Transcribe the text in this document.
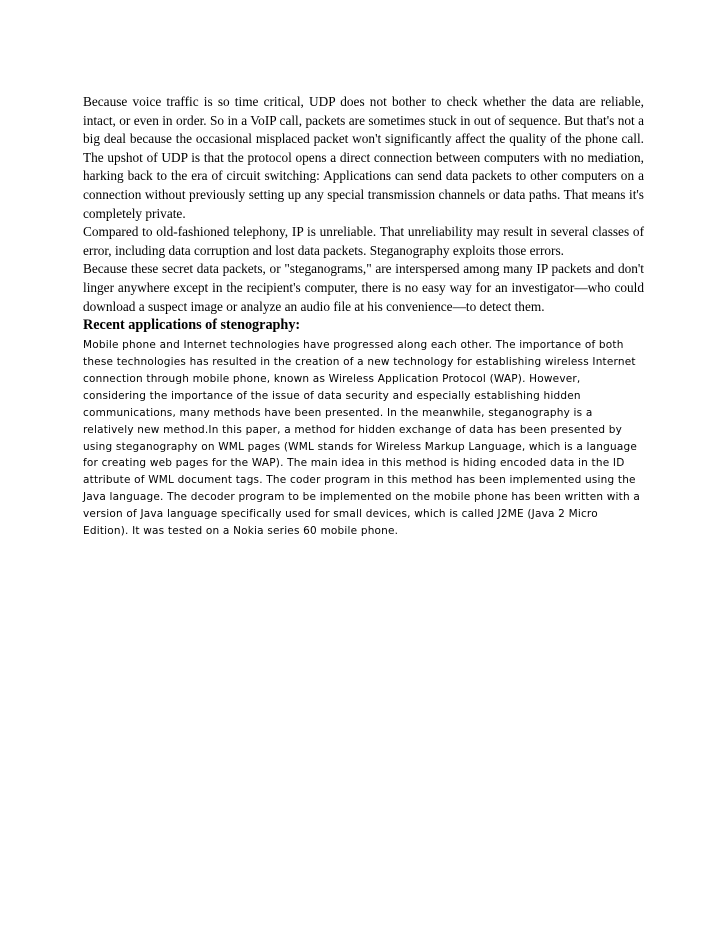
Because voice traffic is so time critical, UDP does not bother to check whether the data are reliable, intact, or even in order. So in a VoIP call, packets are sometimes stuck in out of sequence. But that's not a big deal because the occasional misplaced packet won't significantly affect the quality of the phone call. The upshot of UDP is that the protocol opens a direct connection between computers with no mediation, harking back to the era of circuit switching: Applications can send data packets to other computers on a connection without previously setting up any special transmission channels or data paths. That means it's completely private.

Compared to old-fashioned telephony, IP is unreliable. That unreliability may result in several classes of error, including data corruption and lost data packets. Steganography exploits those errors.

Because these secret data packets, or "steganograms," are interspersed among many IP packets and don't linger anywhere except in the recipient's computer, there is no easy way for an investigator—who could download a suspect image or analyze an audio file at his convenience—to detect them.

Recent applications of stenography:

Mobile phone and Internet technologies have progressed along each other. The importance of both these technologies has resulted in the creation of a new technology for establishing wireless Internet connection through mobile phone, known as Wireless Application Protocol (WAP). However, considering the importance of the issue of data security and especially establishing hidden communications, many methods have been presented. In the meanwhile, steganography is a relatively new method.In this paper, a method for hidden exchange of data has been presented by using steganography on WML pages (WML stands for Wireless Markup Language, which is a language for creating web pages for the WAP). The main idea in this method is hiding encoded data in the ID attribute of WML document tags. The coder program in this method has been implemented using the Java language. The decoder program to be implemented on the mobile phone has been written with a version of Java language specifically used for small devices, which is called J2ME (Java 2 Micro Edition). It was tested on a Nokia series 60 mobile phone.
